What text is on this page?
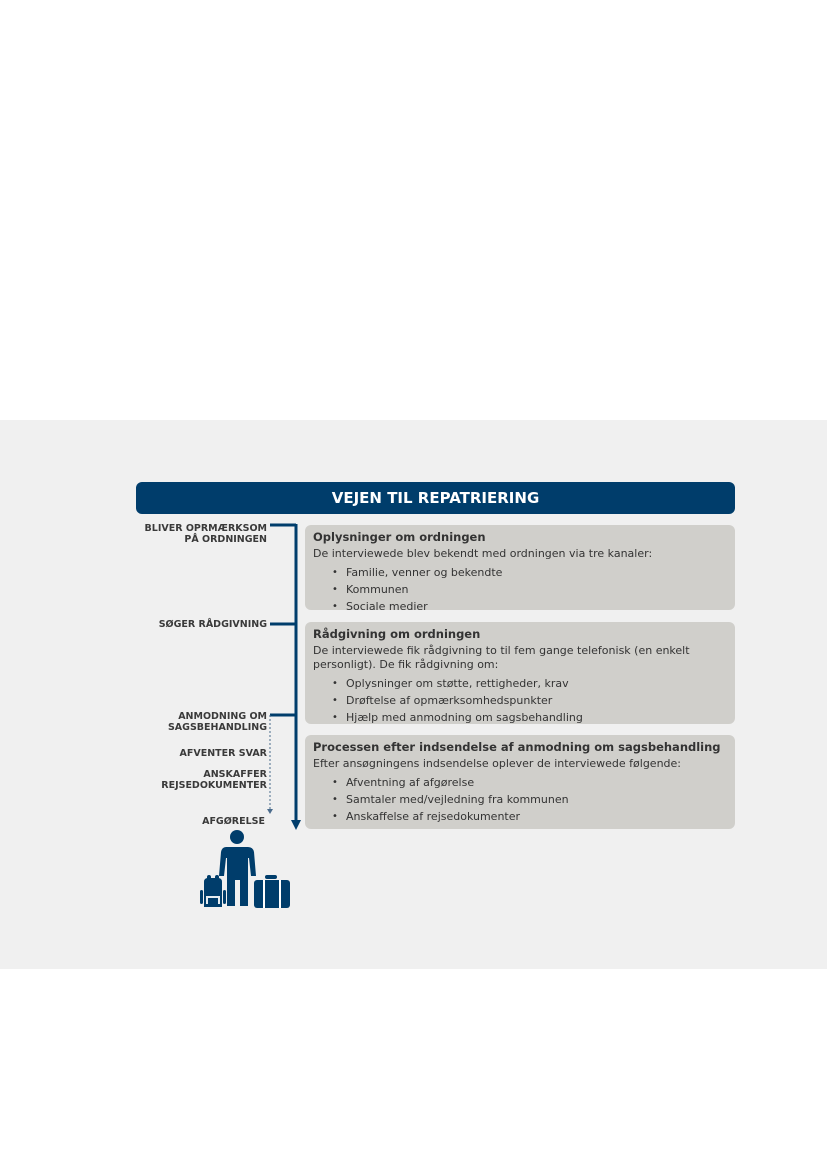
VEJEN TIL REPATRIERING
BLIVER OPRMÆRKSOM
PÅ ORDNINGEN
SØGER RÅDGIVNING
ANMODNING OM
SAGSBEHANDLING
AFVENTER SVAR
ANSKAFFER
REJSEDOKUMENTER
AFGØRELSE
Oplysninger om ordningen
De interviewede blev bekendt med ordningen via tre kanaler:
• Familie, venner og bekendte
• Kommunen
• Sociale medier
Rådgivning om ordningen
De interviewede fik rådgivning to til fem gange telefonisk (en enkelt personligt). De fik rådgivning om:
• Oplysninger om støtte, rettigheder, krav
• Drøftelse af opmærksomhedspunkter
• Hjælp med anmodning om sagsbehandling
Processen efter indsendelse af anmodning om sagsbehandling
Efter ansøgningens indsendelse oplever de interviewede følgende:
• Afventning af afgørelse
• Samtaler med/vejledning fra kommunen
• Anskaffelse af rejsedokumenter
